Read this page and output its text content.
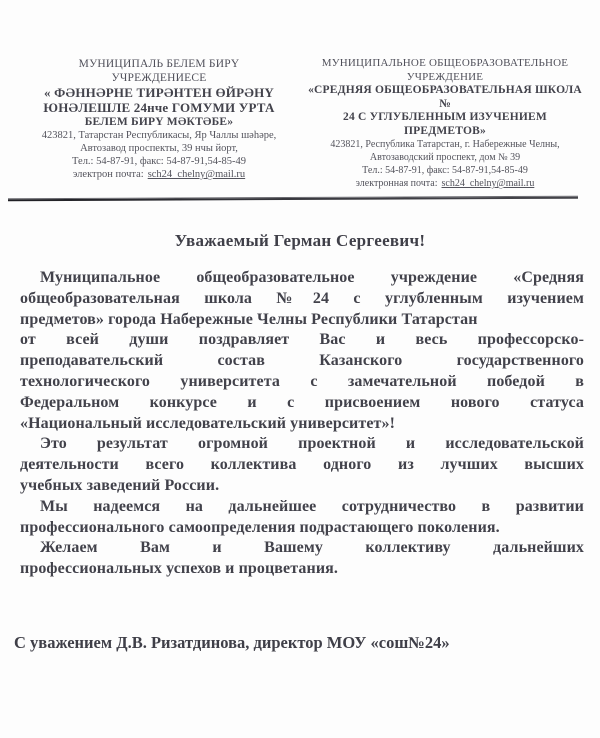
МУНИЦИПАЛЬ БЕЛЕМ БИРҮ
УЧРЕЖДЕНИЕСЕ
« ФӘННӘРНЕ ТИРӘНТЕН ӨЙРӘНҮ
ЮНӘЛЕШЛЕ 24нче ГОМУМИ УРТА
БЕЛЕМ БИРҮ МӘКТӘБЕ»
423821, Татарстан Республикасы, Яр Чаллы шәһәре,
Автозавод проспекты, 39 нчы йорт,
Тел.: 54-87-91, факс: 54-87-91,54-85-49
электрон почта: sch24_chelny@mail.ru
МУНИЦИПАЛЬНОЕ ОБЩЕОБРАЗОВАТЕЛЬНОЕ
УЧРЕЖДЕНИЕ
«СРЕДНЯЯ ОБЩЕОБРАЗОВАТЕЛЬНАЯ ШКОЛА №
24 С УГЛУБЛЕННЫМ ИЗУЧЕНИЕМ ПРЕДМЕТОВ»
423821, Республика Татарстан, г. Набережные Челны,
Автозаводский проспект, дом № 39
Тел.: 54-87-91, факс: 54-87-91,54-85-49
электронная почта: sch24_chelny@mail.ru
Уважаемый Герман Сергеевич!
Муниципальное общеобразовательное учреждение «Средняя
общеобразовательная школа №24 с углубленным изучением
предметов» города Набережные Челны Республики Татарстан
от всей души поздравляет Вас и весь профессорско-
преподавательский состав Казанского государственного
технологического университета с замечательной победой в
Федеральном конкурсе и с присвоением нового статуса
«Национальный исследовательский университет»!
Это результат огромной проектной и исследовательской
деятельности всего коллектива одного из лучших высших
учебных заведений России.
Мы надеемся на дальнейшее сотрудничество в развитии
профессионального самоопределения подрастающего поколения.
Желаем Вам и Вашему коллективу дальнейших
профессиональных успехов и процветания.
С уважением Д.В. Ризатдинова, директор МОУ «сош№24»
